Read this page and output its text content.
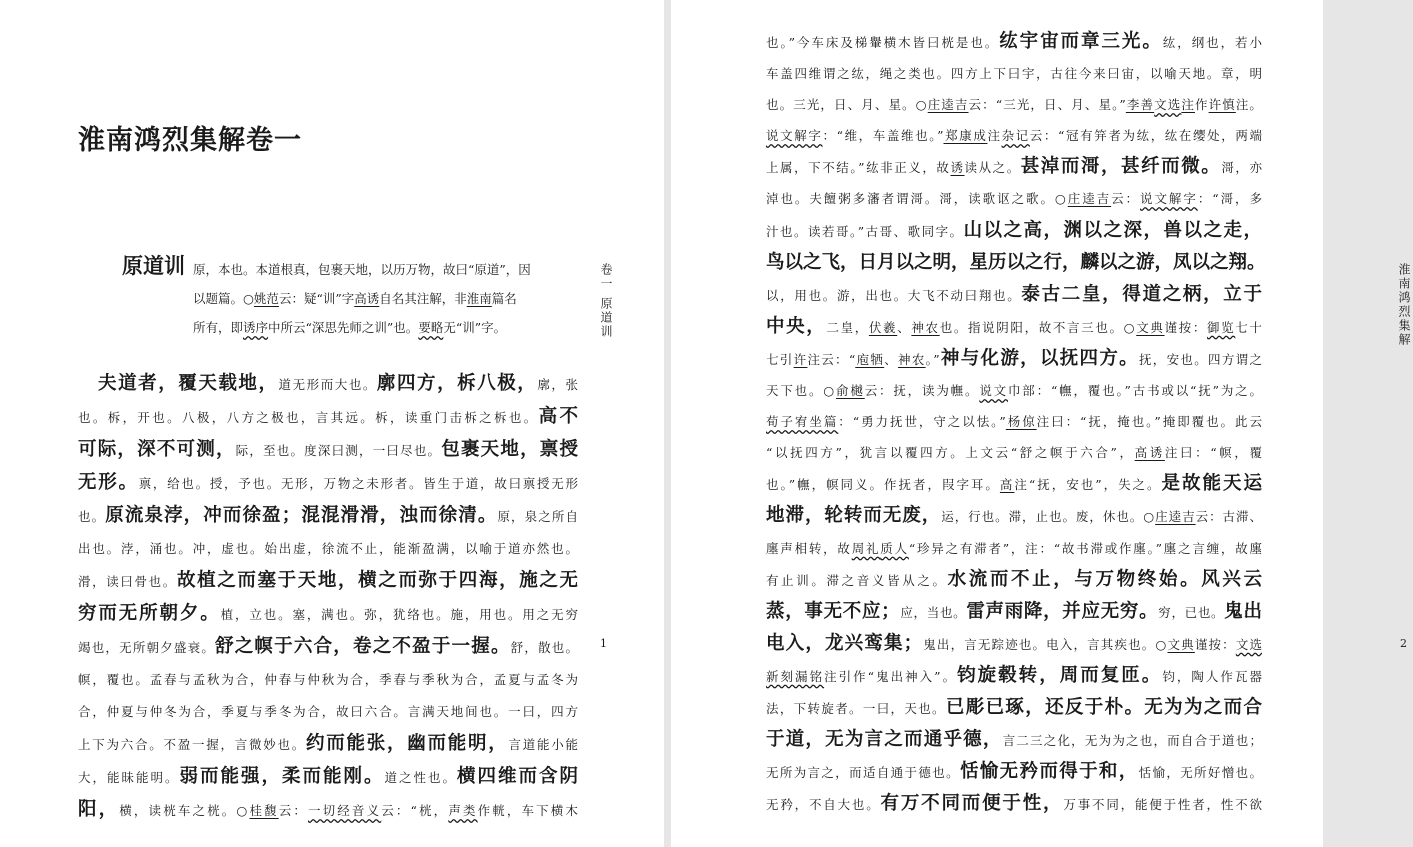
淮南鸿烈集解卷一
原道训 原，本也。本道根真，包裹天地，以历万物，故曰“原道”，因
以题篇。○姚范云：疑“训”字高诱自名其注解，非淮南篇名
所有，即诱序中所云“深思先师之训”也。要略无“训”字。
　夫道者，覆天载地，道无形而大也。廓四方，柝八极，廓，张
也。柝，开也。八极，八方之极也，言其远。柝，读重门击柝之柝也。高不
可际，深不可测，际，至也。度深曰测，一曰尽也。包裹天地，禀授
无形。禀，给也。授，予也。无形，万物之未形者。皆生于道，故曰禀授无形
也。原流泉浡，冲而徐盈；混混滑滑，浊而徐清。原，泉之所自
出也。浡，涌也。冲，虚也。始出虚，徐流不止，能渐盈满，以喻于道亦然也。
滑，读曰骨也。故植之而塞于天地，横之而弥于四海，施之无
穷而无所朝夕。植，立也。塞，满也。弥，犹络也。施，用也。用之无穷
竭也，无所朝夕盛衰。舒之幎于六合，卷之不盈于一握。舒，散也。
幎，覆也。孟春与孟秋为合，仲春与仲秋为合，季春与季秋为合，孟夏与孟冬为
合，仲夏与仲冬为合，季夏与季冬为合，故曰六合。言满天地间也。一曰，四方
上下为六合。不盈一握，言微妙也。约而能张，幽而能明，言道能小能
大，能昧能明。弱而能强，柔而能刚。道之性也。横四维而含阴
阳，横，读桄车之桄。○桂馥云：一切经音义云：“桄，声类作輄，车下横木
卷一 原道训
1
淮南鸿烈集解
2
也。”今车床及梯轝横木皆曰桄是也。纮宇宙而章三光。纮，纲也，若小
车盖四维谓之纮，绳之类也。四方上下曰宇，古往今来曰宙，以喻天地。章，明
也。三光，日、月、星。○庄逵吉云：“三光，日、月、星。”李善文选注作许慎注。
说文解字：“维，车盖维也。”郑康成注杂记云：“冠有笄者为纮，纮在缨处，两端
上属，下不结。”纮非正义，故诱读从之。甚淖而滒，甚纤而微。滒，亦
淖也。夫饘粥多瀋者谓滒。滒，读歌讴之歌。○庄逵吉云：说文解字：“滒，多
汁也。读若哥。”古哥、歌同字。山以之高，渊以之深，兽以之走，
鸟以之飞，日月以之明，星历以之行，麟以之游，凤以之翔。
以，用也。游，出也。大飞不动曰翔也。泰古二皇，得道之柄，立于
中央，二皇，伏羲、神农也。指说阴阳，故不言三也。○文典谨按：御览七十
七引许注云：“庖牺、神农。”神与化游，以抚四方。抚，安也。四方谓之
天下也。○俞樾云：抚，读为幠。说文巾部：“幠，覆也。”古书或以“抚”为之。
荀子宥坐篇：“勇力抚世，守之以怯。”杨倞注曰：“抚，掩也。”掩即覆也。此云
“以抚四方”，犹言以覆四方。上文云“舒之幎于六合”，高诱注曰：“幎，覆
也。”幠，幎同义。作抚者，叚字耳。高注“抚，安也”，失之。是故能天运
地滞，轮转而无废，运，行也。滞，止也。废，休也。○庄逵吉云：古滞、
廛声相转，故周礼质人“珍异之有滞者”，注：“故书滞或作廛。”廛之言缠，故廛
有止训。滞之音义皆从之。水流而不止，与万物终始。风兴云
蒸，事无不应；应，当也。雷声雨降，并应无穷。穷，已也。鬼出
电入，龙兴鸾集；鬼出，言无踪迹也。电入，言其疾也。○文典谨按：文选
新刻漏铭注引作“鬼出神入”。钧旋毂转，周而复匝。钧，陶人作瓦器
法，下转旋者。一曰，天也。已彫已琢，还反于朴。无为为之而合
于道，无为言之而通乎德，言二三之化，无为为之也，而自合于道也；
无所为言之，而适自通于德也。恬愉无矜而得于和，恬愉，无所好憎也。
无矜，不自大也。有万不同而便于性，万事不同，能便于性者，性不欲
